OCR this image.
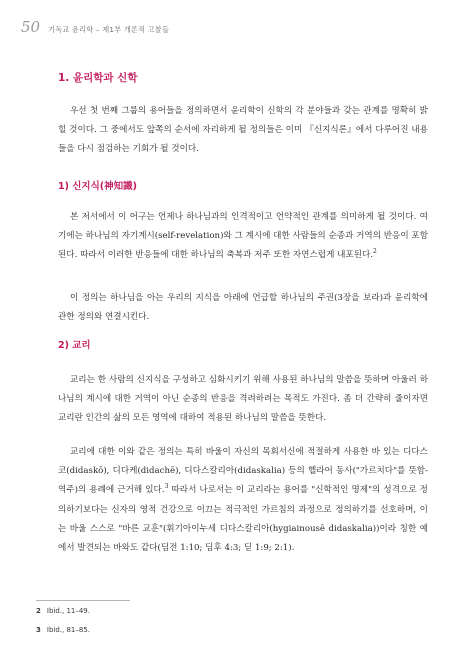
50 기독교 윤리학 – 제1부 개론적 고찰들
1. 윤리학과 신학

우선 첫 번째 그룹의 용어들을 정의하면서 윤리학이 신학의 각 분야들과 갖는 관계를 명확히 밝힐 것이다. 그 중에서도 앞쪽의 순서에 자리하게 될 정의들은 이미 『신지식론』에서 다루어진 내용들을 다시 점검하는 기회가 될 것이다.

1) 신지식(神知識)

본 저서에서 이 어구는 언제나 하나님과의 인격적이고 언약적인 관계를 의미하게 될 것이다. 여기에는 하나님의 자기계시(self-revelation)와 그 계시에 대한 사람들의 순종과 거역의 반응이 포함된다. 따라서 이러한 반응들에 대한 하나님의 축복과 저주 또한 자연스럽게 내포된다.$^2$

이 정의는 하나님을 아는 우리의 지식을 아래에 언급할 하나님의 주권(3장을 보라)과 윤리학에 관한 정의와 연결시킨다.

2) 교리

교리는 한 사람의 신지식을 구성하고 심화시키기 위해 사용된 하나님의 말씀을 뜻하며 아울러 하나님의 계시에 대한 거역이 아닌 순종의 반응을 격려하려는 목적도 가진다. 좀 더 간략히 줄이자면 교리란 인간의 삶의 모든 영역에 대하여 적용된 하나님의 말씀을 뜻한다.

교리에 대한 이와 같은 정의는 특히 바울이 자신의 목회서신에 적절하게 사용한 바 있는 디다스코(didaskō), 디다케(didachē), 디다스칼리아(didaskalia) 등의 헬라어 동사("가르치다"를 뜻함-역주)의 용례에 근거해 있다.$^3$ 따라서 나로서는 이 교리라는 용어를 "신학적인 명제"의 성격으로 정의하기보다는 신자의 영적 건강으로 이끄는 적극적인 가르침의 과정으로 정의하기를 선호하며, 이는 바울 스스로 "바른 교훈"(휘기아이누세 디다스칼리아(hygiainousē didaskalia))이라 칭한 예에서 발견되는 바와도 같다(딤전 1:10; 딤후 4:3; 딛 1:9; 2:1).

2 Ibid., 11–49.
3 Ibid., 81–85.
